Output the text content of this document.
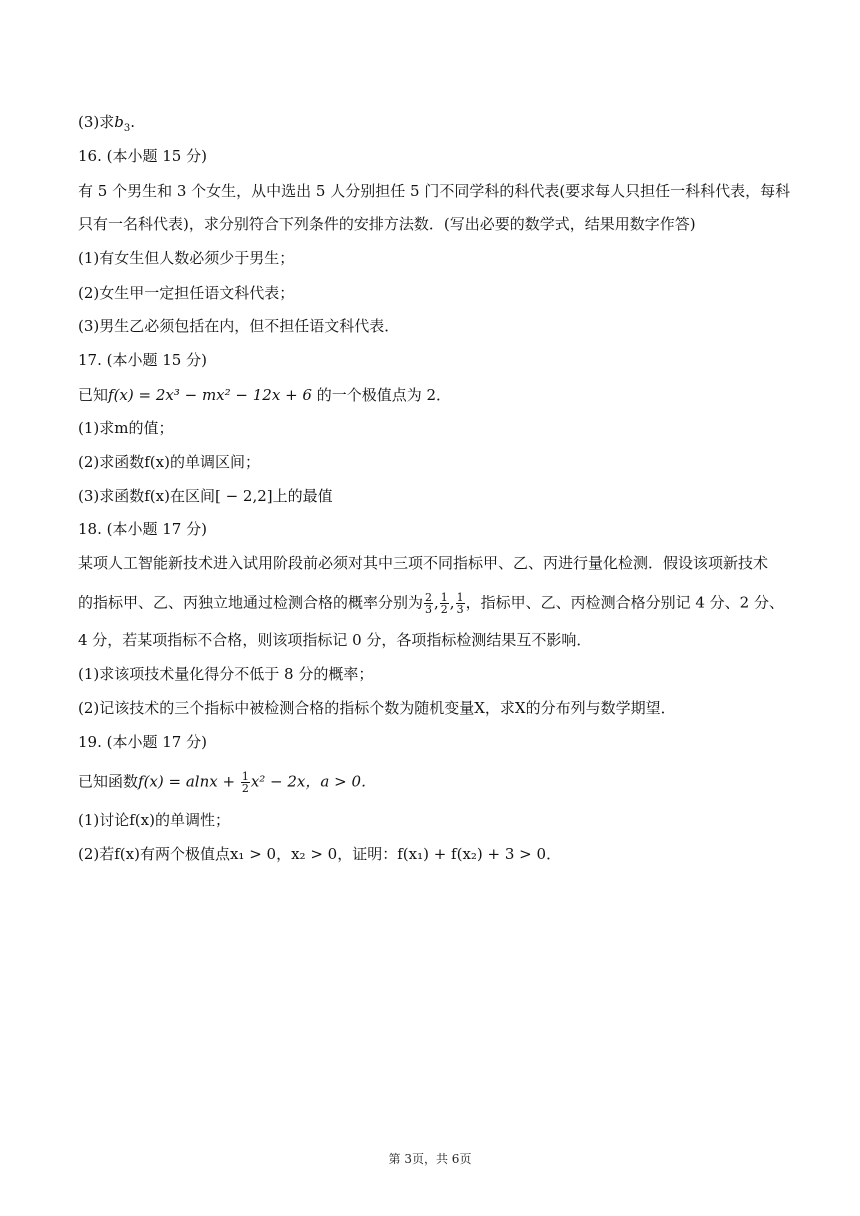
(3)求$b_3$.
16. (本小题 15 分)
有 5 个男生和 3 个女生，从中选出 5 人分别担任 5 门不同学科的科代表(要求每人只担任一科科代表，每科
只有一名科代表)，求分别符合下列条件的安排方法数．(写出必要的数学式，结果用数字作答)
(1)有女生但人数必须少于男生；
(2)女生甲一定担任语文科代表；
(3)男生乙必须包括在内，但不担任语文科代表．
17. (本小题 15 分)
已知f(x) = 2x³ − mx² − 12x + 6 的一个极值点为 2．
(1)求m的值；
(2)求函数f(x)的单调区间；
(3)求函数f(x)在区间[ − 2,2]上的最值
18. (本小题 17 分)
某项人工智能新技术进入试用阶段前必须对其中三项不同指标甲、乙、丙进行量化检测．假设该项新技术
的指标甲、乙、丙独立地通过检测合格的概率分别为 $\frac{2}{3}$ , $\frac{1}{2}$ , $\frac{1}{3}$ ，指标甲、乙、丙检测合格分别记 4 分、2 分、
4 分，若某项指标不合格，则该项指标记 0 分，各项指标检测结果互不影响．
(1)求该项技术量化得分不低于 8 分的概率；
(2)记该技术的三个指标中被检测合格的指标个数为随机变量X，求X的分布列与数学期望．
19. (本小题 17 分)
已知函数$f(x) = alnx + \frac{1}{2} x^2 - 2x$，a > 0．
(1)讨论f(x)的单调性；
(2)若f(x)有两个极值点x₁ > 0，x₂ > 0，证明：f(x₁) + f(x₂) + 3 > 0．
第 3页，共 6页
